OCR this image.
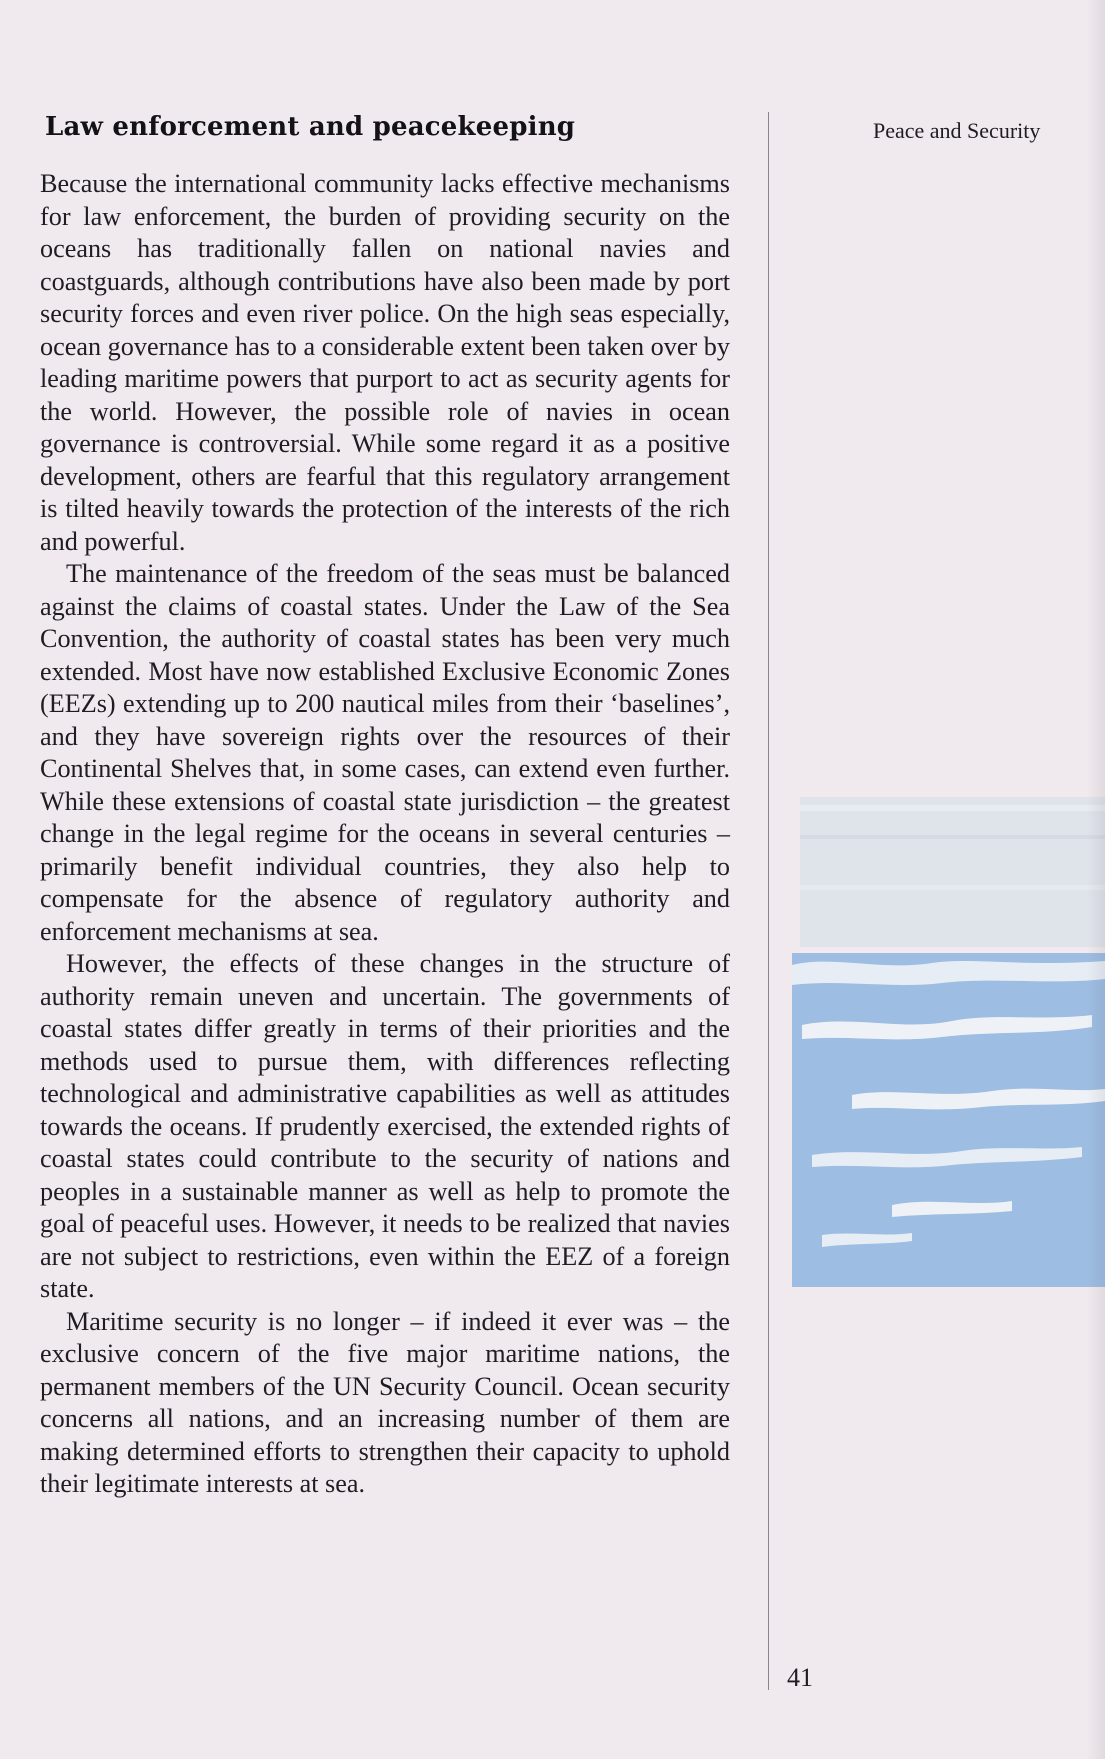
Law enforcement and peacekeeping

Because the international community lacks effective mechanisms for law enforcement, the burden of providing security on the oceans has traditionally fallen on national navies and coastguards, although contributions have also been made by port security forces and even river police. On the high seas especially, ocean governance has to a considerable extent been taken over by leading maritime powers that purport to act as security agents for the world. However, the possible role of navies in ocean governance is controversial. While some regard it as a positive development, others are fearful that this regulatory arrangement is tilted heavily towards the protection of the interests of the rich and powerful.

The maintenance of the freedom of the seas must be balanced against the claims of coastal states. Under the Law of the Sea Convention, the authority of coastal states has been very much extended. Most have now established Exclusive Economic Zones (EEZs) extending up to 200 nautical miles from their ‘baselines’, and they have sovereign rights over the resources of their Continental Shelves that, in some cases, can extend even further. While these extensions of coastal state jurisdiction – the greatest change in the legal regime for the oceans in several centuries – primarily benefit individual countries, they also help to compensate for the absence of regulatory authority and enforcement mechanisms at sea.

However, the effects of these changes in the structure of authority remain uneven and uncertain. The governments of coastal states differ greatly in terms of their priorities and the methods used to pursue them, with differences reflecting technological and administrative capabilities as well as attitudes towards the oceans. If prudently exercised, the extended rights of coastal states could contribute to the security of nations and peoples in a sustainable manner as well as help to promote the goal of peaceful uses. However, it needs to be realized that navies are not subject to restrictions, even within the EEZ of a foreign state.

Maritime security is no longer – if indeed it ever was – the exclusive concern of the five major maritime nations, the permanent members of the UN Security Council. Ocean security concerns all nations, and an increasing number of them are making determined efforts to strengthen their capacity to uphold their legitimate interests at sea.

Peace and Security
41
